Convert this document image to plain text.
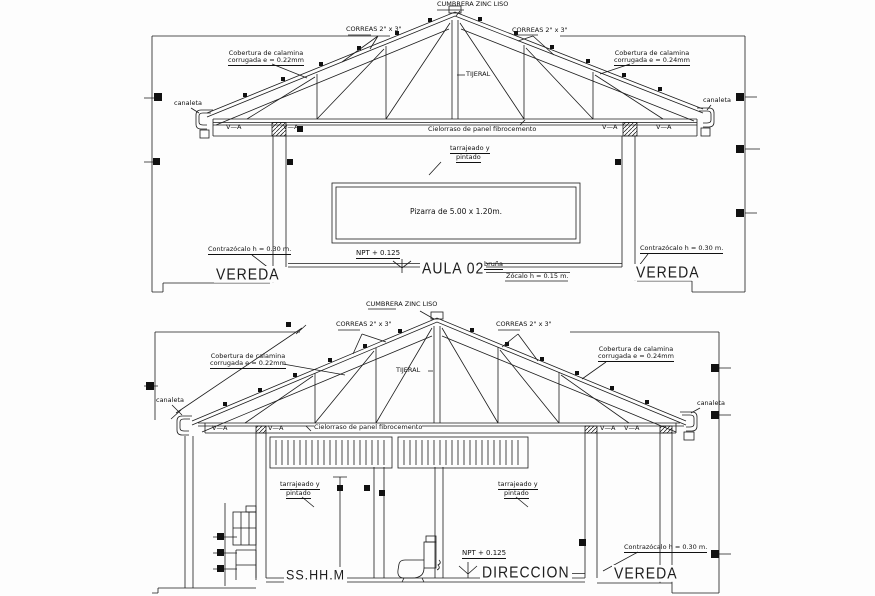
CUMBRERA ZINC LISO
CORREAS 2" x 3"	CORREAS 2" x 3"
Cobertura de calamina
corrugada e = 0.22mm
Cobertura de calamina
corrugada e = 0.24mm
TIJERAL
canaleta	canaleta
V—A	V—A	V—A	V—A
Cielorraso de panel fibrocemento
tarrajeado y
pintado
Pizarra de 5.00 x 1.20m.
NPT + 0.125
AULA 02 bruña
Zócalo h = 0.15 m.
Contrazócalo h = 0.30 m.
VEREDA
Contrazócalo h = 0.30 m.
VEREDA
CUMBRERA ZINC LISO
CORREAS 2" x 3"	CORREAS 2" x 3"
Cobertura de calamina
corrugada e = 0.22mm
Cobertura de calamina
corrugada e = 0.24mm
TIJERAL
canaleta	canaleta
V—A	V—A	V—A V—A
Cielorraso de panel fibrocemento
tarrajeado y
pintado
tarrajeado y
pintado
NPT + 0.125
SS.HH.M	DIRECCION
Contrazócalo h = 0.30 m.
VEREDA
